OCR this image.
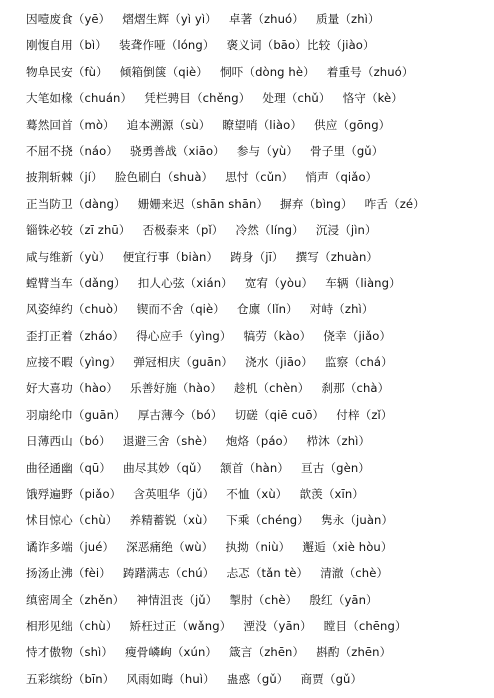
因噎废食（yē） 熠熠生辉（yì yì） 卓著（zhuó） 质量（zhì）
刚愎自用（bì） 装聋作哑（lóng） 褒义词（bāo）比较（jiào）
物阜民安（fù） 倾箱倒箧（qiè） 恫吓（dòng hè） 着重号（zhuó）
大笔如椽（chuán） 凭栏骋目（chěng） 处理（chǔ） 恪守（kè）
蓦然回首（mò） 追本溯源（sù） 瞭望哨（liào） 供应（gōng）
不屈不挠（náo） 骁勇善战（xiāo） 参与（yù） 骨子里（gǔ）
披荆斩棘（jí） 脸色刷白（shuà） 思忖（cǔn） 悄声（qiǎo）
正当防卫（dàng） 姗姗来迟（shān shān） 摒弃（bìng） 咋舌（zé）
锱铢必较（zī zhū） 否极泰来（pǐ） 冷然（líng） 沉浸（jìn）
咸与维新（yù） 便宜行事（biàn） 踌身（jī） 撰写（zhuàn）
螳臂当车（dǎng） 扣人心弦（xián） 宽宥（yòu） 车辆（liàng）
风姿绰约（chuò） 锲而不舍（qiè） 仓廪（lǐn） 对峙（zhì）
歪打正着（zháo） 得心应手（yìng） 犒劳（kào） 侥幸（jiǎo）
应接不暇（yìng） 弹冠相庆（guān） 浇水（jiāo） 监察（chá）
好大喜功（hào） 乐善好施（hào） 趁机（chèn） 刹那（chà）
羽扇纶巾（guān） 厚古薄今（bó） 切磋（qiē cuō） 付梓（zǐ）
日薄西山（bó） 退避三舍（shè） 炮烙（páo） 栉沐（zhì）
曲径通幽（qū） 曲尽其妙（qǔ） 颔首（hàn） 亘古（gèn）
饿殍遍野（piǎo） 含英咀华（jǔ） 不恤（xù） 歆羡（xīn）
怵目惊心（chù） 养精蓄锐（xù） 下乘（chéng） 隽永（juàn）
谲诈多端（jué） 深恶痛绝（wù） 执拗（niù） 邂逅（xiè hòu）
扬汤止沸（fèi） 踌躇满志（chú） 忐忑（tǎn tè） 清澈（chè）
缜密周全（zhěn） 神情沮丧（jǔ） 掣肘（chè） 殷红（yān）
相形见绌（chù） 矫枉过正（wǎng） 湮没（yān） 瞠目（chēng）
恃才傲物（shì） 瘦骨嶙峋（xún） 箴言（zhēn） 斟酌（zhēn）
五彩缤纷（bīn） 风雨如晦（huì） 蛊惑（gǔ） 商贾（gǔ）
